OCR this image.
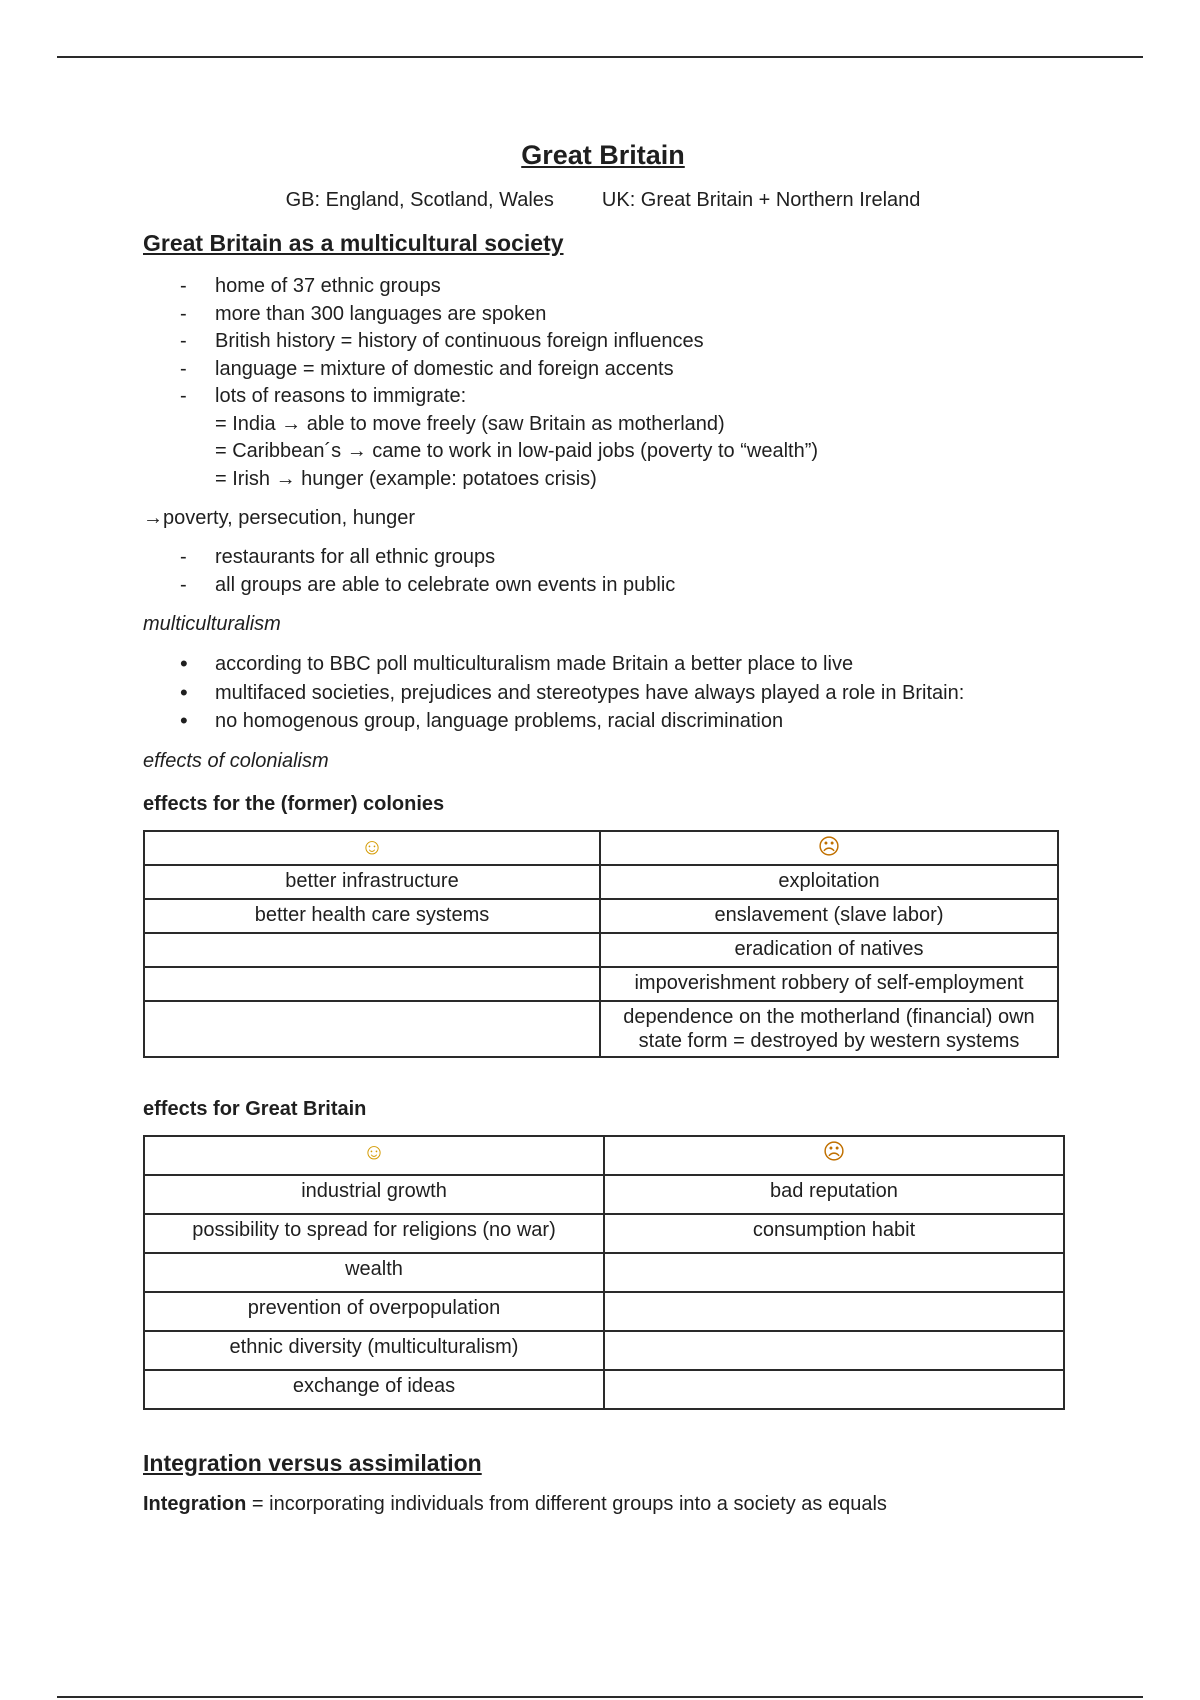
Great Britain
GB: England, Scotland, Wales UK: Great Britain + Northern Ireland
Great Britain as a multicultural society
- home of 37 ethnic groups
- more than 300 languages are spoken
- British history = history of continuous foreign influences
- language = mixture of domestic and foreign accents
- lots of reasons to immigrate:
= India → able to move freely (saw Britain as motherland)
= Caribbean´s → came to work in low-paid jobs (poverty to “wealth”)
= Irish → hunger (example: potatoes crisis)
→poverty, persecution, hunger
- restaurants for all ethnic groups
- all groups are able to celebrate own events in public
multiculturalism
• according to BBC poll multiculturalism made Britain a better place to live
• multifaced societies, prejudices and stereotypes have always played a role in Britain:
• no homogenous group, language problems, racial discrimination
effects of colonialism
effects for the (former) colonies
☺	☹
better infrastructure	exploitation
better health care systems	enslavement (slave labor)
	eradication of natives
	impoverishment robbery of self-employment
	dependence on the motherland (financial) own state form = destroyed by western systems
effects for Great Britain
☺	☹
industrial growth	bad reputation
possibility to spread for religions (no war)	consumption habit
wealth	
prevention of overpopulation	
ethnic diversity (multiculturalism)	
exchange of ideas	
Integration versus assimilation
Integration = incorporating individuals from different groups into a society as equals
